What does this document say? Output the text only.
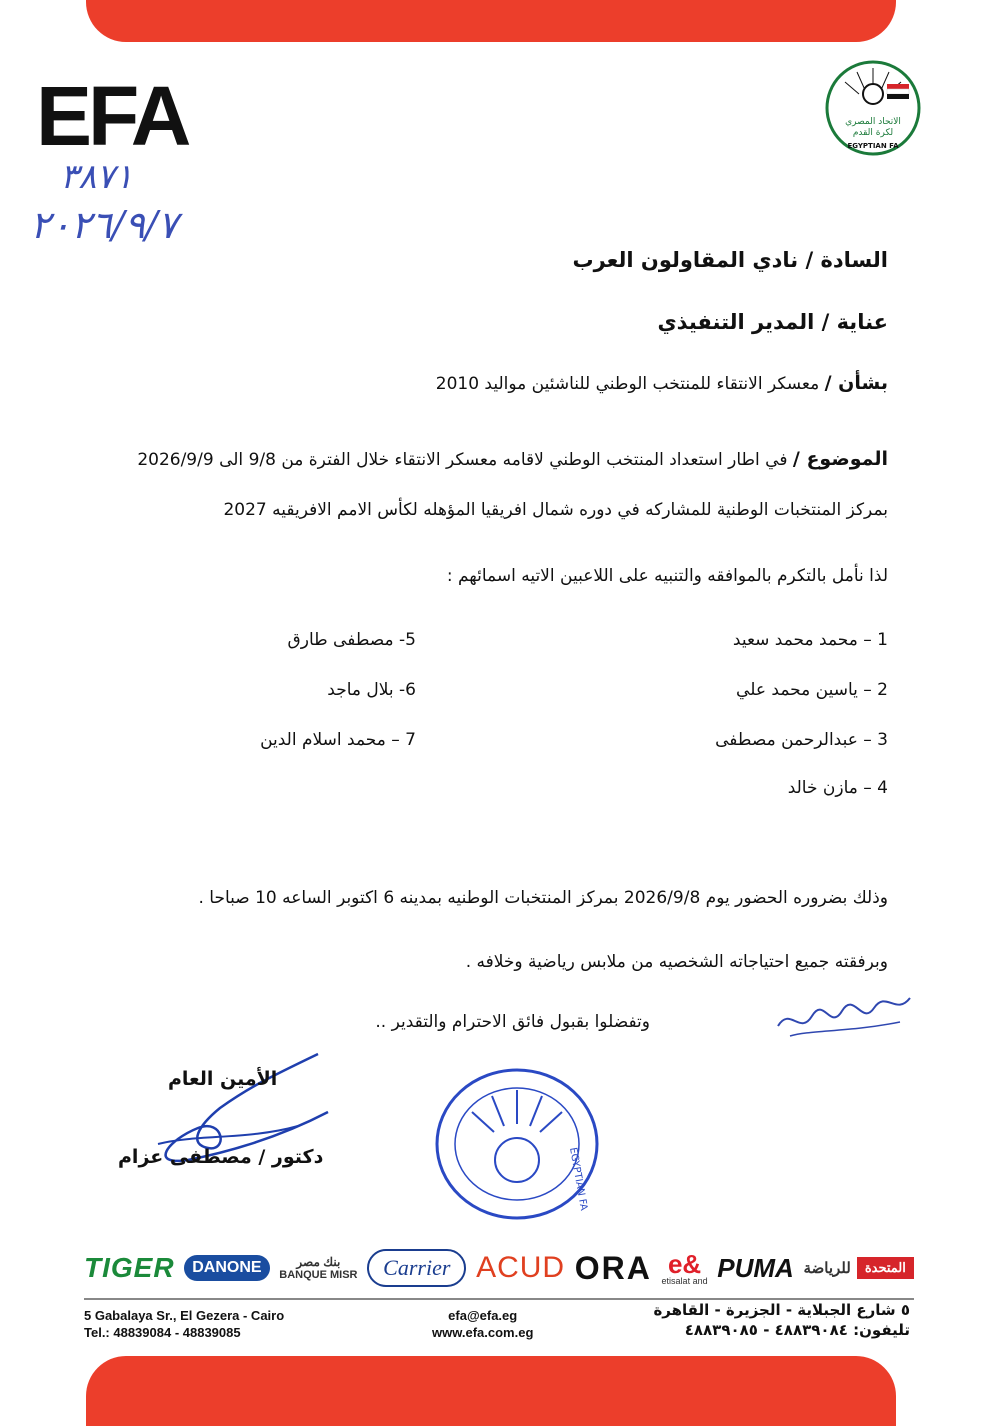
EFA
٣٨٧١
٢٠٢٦/٩/٧
الاتحاد المصري
لكرة القدم
EGYPTIAN FA
السادة / نادي المقاولون العرب
عناية / المدير التنفيذي
بشأن / معسكر الانتقاء للمنتخب الوطني للناشئين مواليد 2010
الموضوع / في اطار استعداد المنتخب الوطني لاقامه معسكر الانتقاء خلال الفترة من 9/8 الى 2026/9/9
بمركز المنتخبات الوطنية للمشاركه في دوره شمال افريقيا المؤهله لكأس الامم الافريقيه 2027
لذا نأمل بالتكرم بالموافقه والتنبيه على اللاعبين الاتيه اسمائهم :
1 – محمد محمد سعيد
2 – ياسين محمد علي
3 – عبدالرحمن مصطفى
4 – مازن خالد
5- مصطفى طارق
6- بلال ماجد
7 – محمد اسلام الدين
وذلك بضروره الحضور يوم 2026/9/8 بمركز المنتخبات الوطنيه بمدينه 6 اكتوبر الساعه 10 صباحا .
وبرفقته جميع احتياجاته الشخصيه من ملابس رياضية وخلافه .
وتفضلوا بقبول فائق الاحترام والتقدير ..
EGYPTIAN FA
الأمين العام
دكتور / مصطفى عزام
TIGER	DANONE	بنك مصر
BANQUE MISR	Carrier ACUD ORA e&
etisalat and PUMA للرياضة	المتحدة
5 Gabalaya Sr., El Gezera - Cairo
Tel.: 48839084 - 48839085
efa@efa.eg
www.efa.com.eg
٥ شارع الجبلاية - الجزيرة - القاهرة
تليفون: ٤٨٨٣٩٠٨٤ - ٤٨٨٣٩٠٨٥
